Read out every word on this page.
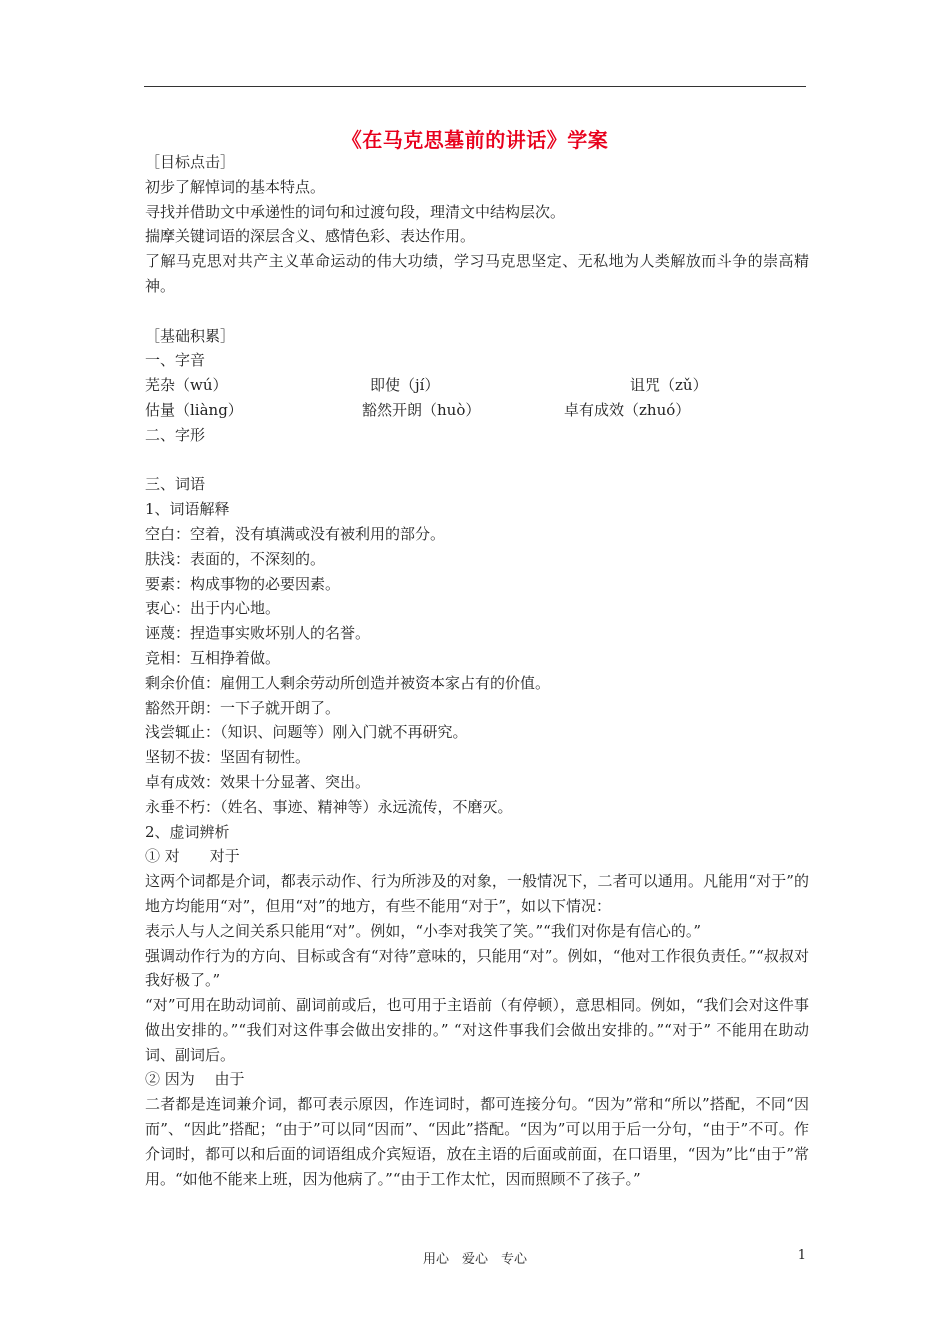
《在马克思墓前的讲话》学案

［目标点击］

初步了解悼词的基本特点。

寻找并借助文中承递性的词句和过渡句段，理清文中结构层次。

揣摩关键词语的深层含义、感情色彩、表达作用。

了解马克思对共产主义革命运动的伟大功绩，学习马克思坚定、无私地为人类解放而斗争的崇高精神。

［基础积累］

一、字音

芜杂（wú）	即使（jí）	诅咒（zǔ）
估量（liàng）	豁然开朗（huò）	卓有成效（zhuó）

二、字形

三、词语

1、词语解释

空白：空着，没有填满或没有被利用的部分。

肤浅：表面的，不深刻的。

要素：构成事物的必要因素。

衷心：出于内心地。

诬蔑：捏造事实败坏别人的名誉。

竞相：互相挣着做。

剩余价值：雇佣工人剩余劳动所创造并被资本家占有的价值。

豁然开朗：一下子就开朗了。

浅尝辄止：（知识、问题等）刚入门就不再研究。

坚韧不拔：坚固有韧性。

卓有成效：效果十分显著、突出。

永垂不朽：（姓名、事迹、精神等）永远流传，不磨灭。

2、虚词辨析

① 对　　对于

这两个词都是介词，都表示动作、行为所涉及的对象，一般情况下，二者可以通用。凡能用“对于”的地方均能用“对”，但用“对”的地方，有些不能用“对于”，如以下情况：

表示人与人之间关系只能用“对”。例如，“小李对我笑了笑。”“我们对你是有信心的。”

强调动作行为的方向、目标或含有“对待”意味的，只能用“对”。例如，“他对工作很负责任。”“叔叔对我好极了。”

“对”可用在助动词前、副词前或后，也可用于主语前（有停顿），意思相同。例如，“我们会对这件事做出安排的。”“我们对这件事会做出安排的。” “对这件事我们会做出安排的。”“对于” 不能用在助动词、副词后。

② 因为　 由于

二者都是连词兼介词，都可表示原因，作连词时，都可连接分句。“因为”常和“所以”搭配，不同“因而”、“因此”搭配；“由于”可以同“因而”、“因此”搭配。“因为”可以用于后一分句，“由于”不可。作介词时，都可以和后面的词语组成介宾短语，放在主语的后面或前面，在口语里，“因为”比“由于”常用。“如他不能来上班，因为他病了。”“由于工作太忙，因而照顾不了孩子。”

用心　爱心　专心	1
